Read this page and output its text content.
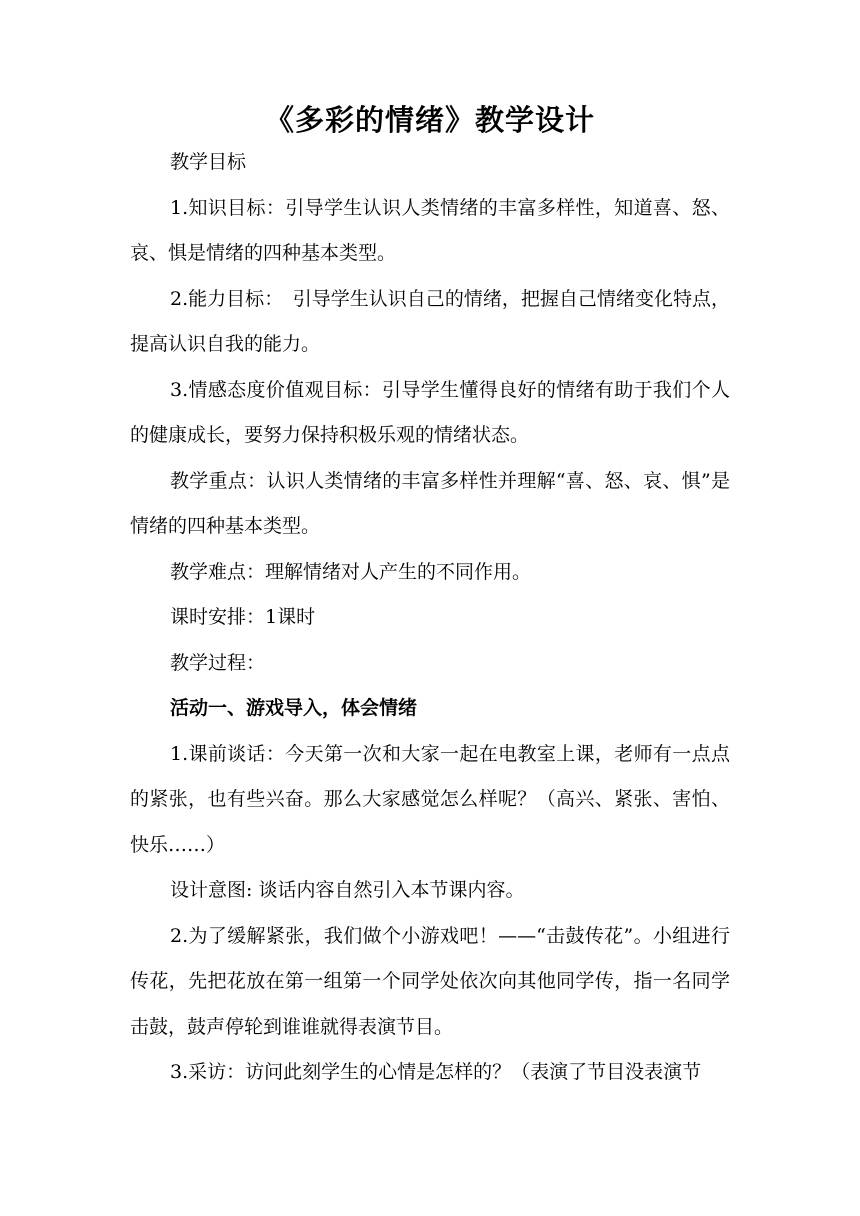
《多彩的情绪》教学设计

教学目标

1.知识目标：引导学生认识人类情绪的丰富多样性，知道喜、怒、哀、惧是情绪的四种基本类型。

2.能力目标：　引导学生认识自己的情绪，把握自己情绪变化特点，提高认识自我的能力。

3.情感态度价值观目标：引导学生懂得良好的情绪有助于我们个人的健康成长，要努力保持积极乐观的情绪状态。

教学重点：认识人类情绪的丰富多样性并理解“喜、怒、哀、惧”是情绪的四种基本类型。

教学难点：理解情绪对人产生的不同作用。

课时安排：1课时

教学过程：

活动一、游戏导入，体会情绪

1.课前谈话：今天第一次和大家一起在电教室上课，老师有一点点的紧张，也有些兴奋。那么大家感觉怎么样呢？（高兴、紧张、害怕、快乐……）

设计意图: 谈话内容自然引入本节课内容。

2.为了缓解紧张，我们做个小游戏吧！——“击鼓传花”。小组进行传花，先把花放在第一组第一个同学处依次向其他同学传，指一名同学击鼓，鼓声停轮到谁谁就得表演节目。

3.采访：访问此刻学生的心情是怎样的？（表演了节目没表演节
